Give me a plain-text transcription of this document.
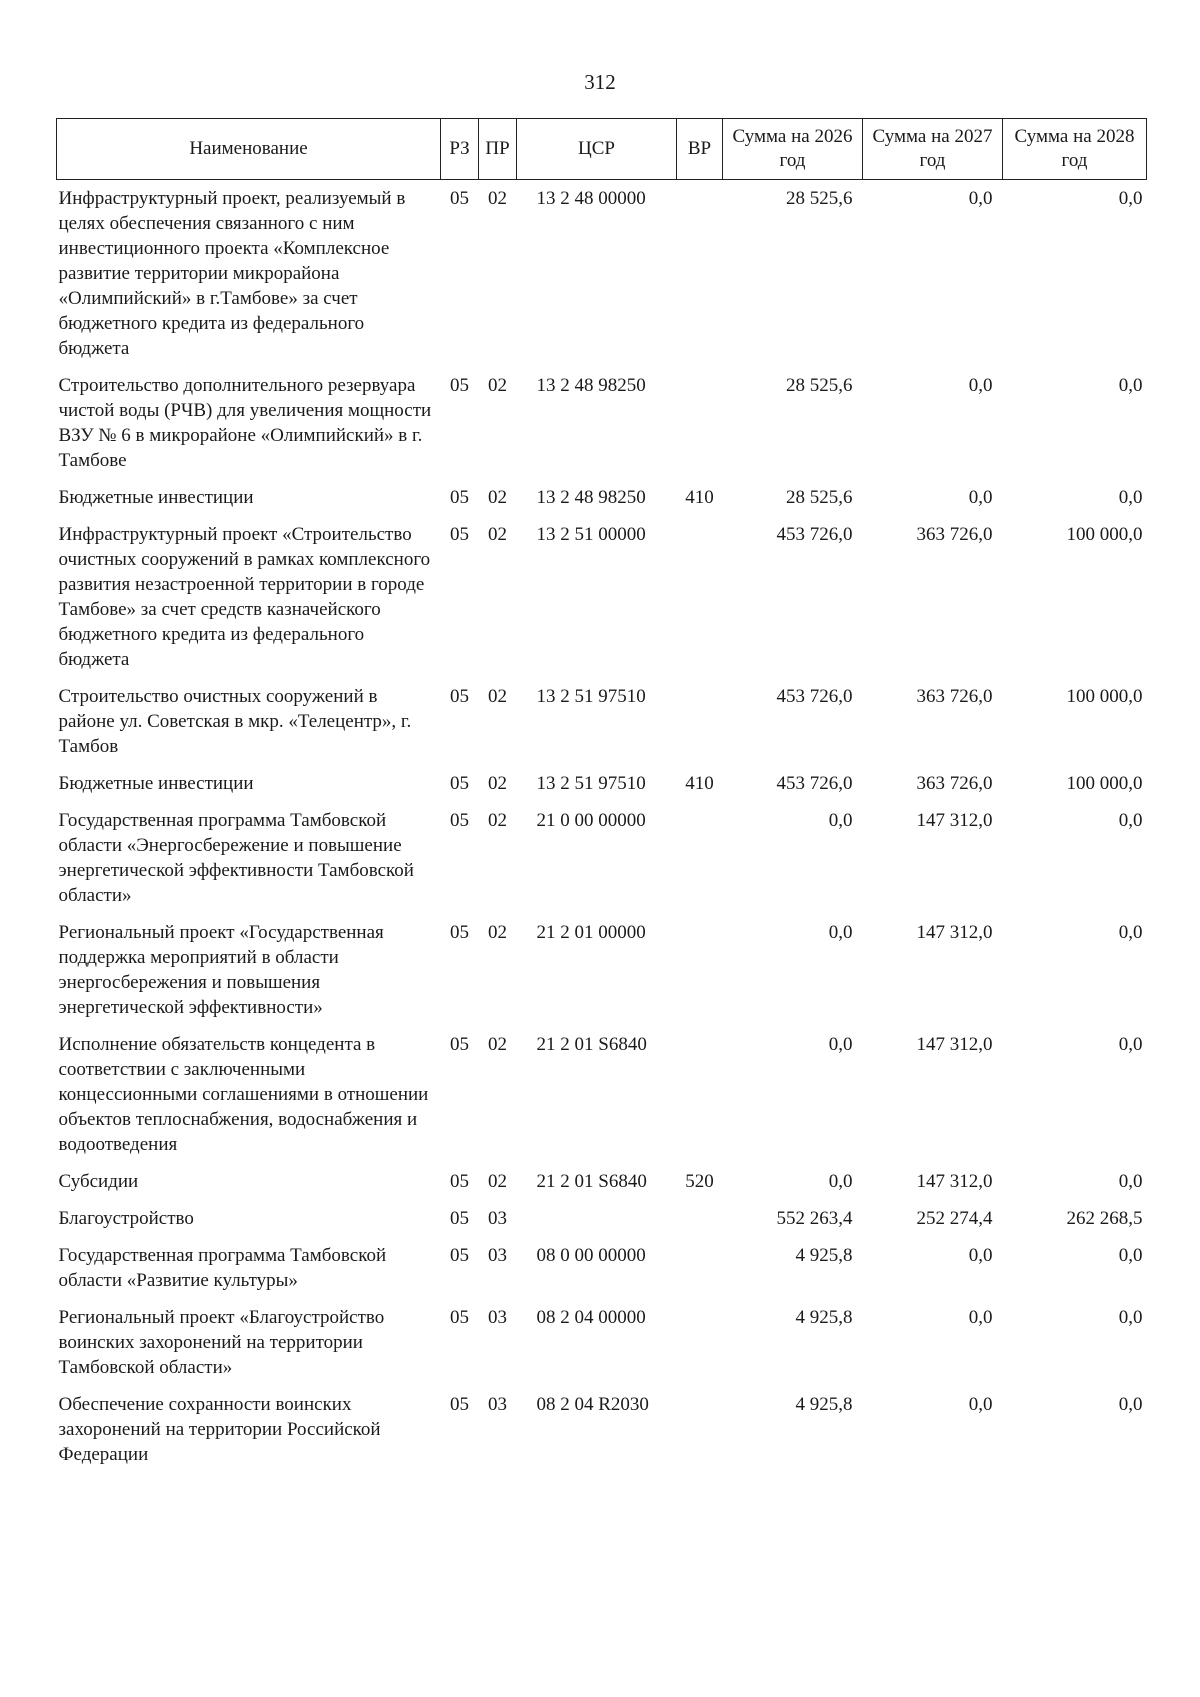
312
Наименование	РЗ	ПР	ЦСР	ВР	Сумма на 2026 год	Сумма на 2027 год	Сумма на 2028 год
Инфраструктурный проект, реализуемый в целях обеспечения связанного с ним инвестиционного проекта «Комплексное развитие территории микрорайона «Олимпийский» в г.Тамбове» за счет бюджетного кредита из федерального бюджета	05	02	13 2 48 00000		28 525,6	0,0	0,0
Строительство дополнительного резервуара чистой воды (РЧВ) для увеличения мощности ВЗУ № 6 в микрорайоне «Олимпийский» в г. Тамбове	05	02	13 2 48 98250		28 525,6	0,0	0,0
Бюджетные инвестиции	05	02	13 2 48 98250	410	28 525,6	0,0	0,0
Инфраструктурный проект «Строительство очистных сооружений в рамках комплексного развития незастроенной территории в городе Тамбове» за счет средств казначейского бюджетного кредита из федерального бюджета	05	02	13 2 51 00000		453 726,0	363 726,0	100 000,0
Строительство очистных сооружений в районе ул. Советская в мкр. «Телецентр», г. Тамбов	05	02	13 2 51 97510		453 726,0	363 726,0	100 000,0
Бюджетные инвестиции	05	02	13 2 51 97510	410	453 726,0	363 726,0	100 000,0
Государственная программа Тамбовской области «Энергосбережение и повышение энергетической эффективности Тамбовской области»	05	02	21 0 00 00000		0,0	147 312,0	0,0
Региональный проект «Государственная поддержка мероприятий в области энергосбережения и повышения энергетической эффективности»	05	02	21 2 01 00000		0,0	147 312,0	0,0
Исполнение обязательств концедента в соответствии с заключенными концессионными соглашениями в отношении объектов теплоснабжения, водоснабжения и водоотведения	05	02	21 2 01 S6840		0,0	147 312,0	0,0
Субсидии	05	02	21 2 01 S6840	520	0,0	147 312,0	0,0
Благоустройство	05	03			552 263,4	252 274,4	262 268,5
Государственная программа Тамбовской области «Развитие культуры»	05	03	08 0 00 00000		4 925,8	0,0	0,0
Региональный проект «Благоустройство воинских захоронений на территории Тамбовской области»	05	03	08 2 04 00000		4 925,8	0,0	0,0
Обеспечение сохранности воинских захоронений на территории Российской Федерации	05	03	08 2 04 R2030		4 925,8	0,0	0,0
